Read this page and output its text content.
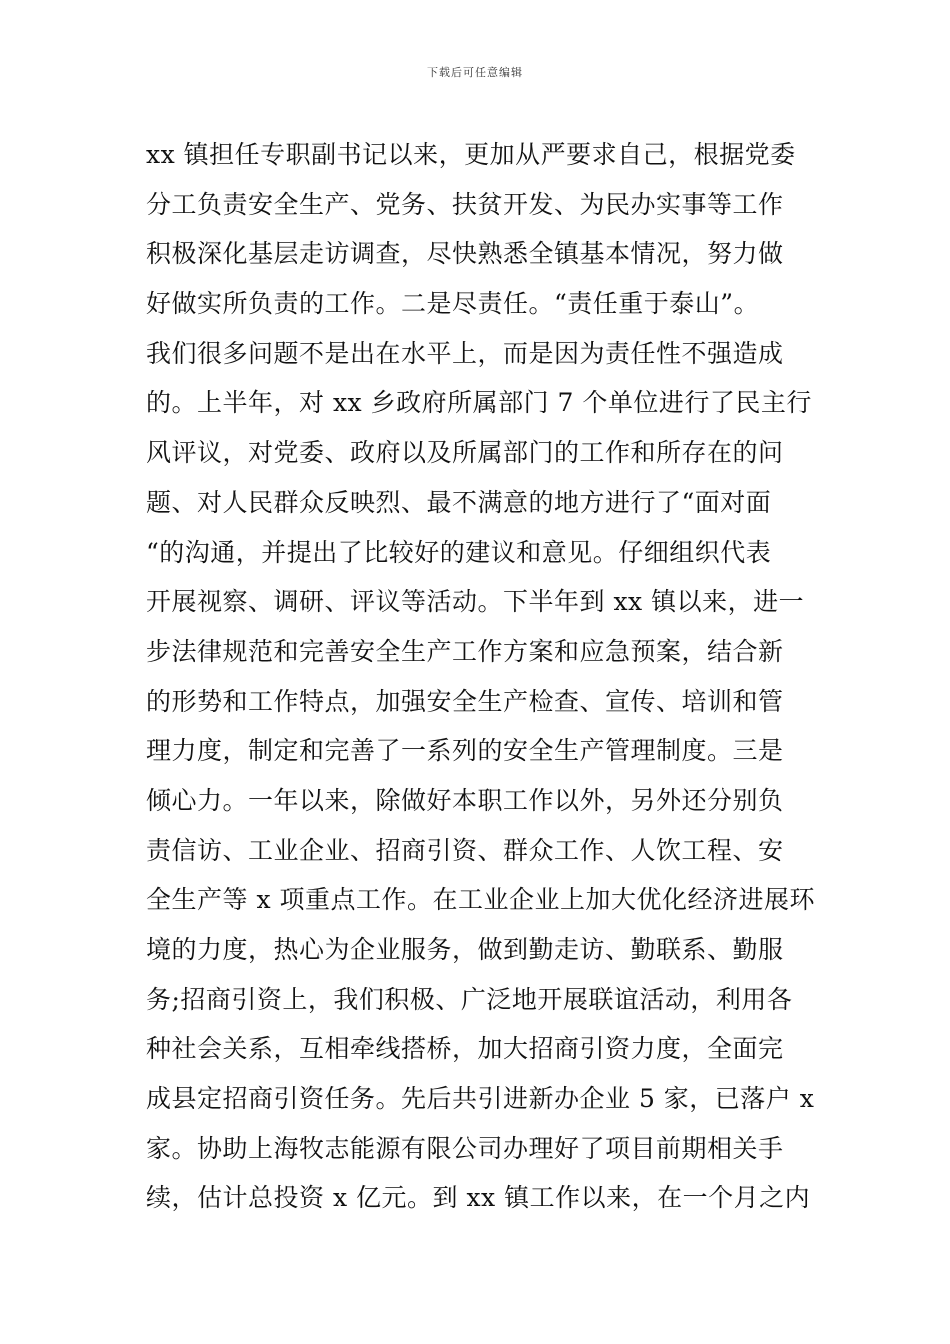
下载后可任意编辑
xx 镇担任专职副书记以来，更加从严要求自己，根据党委
分工负责安全生产、党务、扶贫开发、为民办实事等工作
积极深化基层走访调查，尽快熟悉全镇基本情况，努力做
好做实所负责的工作。二是尽责任。“责任重于泰山”。
我们很多问题不是出在水平上，而是因为责任性不强造成
的。上半年，对 xx 乡政府所属部门 7 个单位进行了民主行
风评议，对党委、政府以及所属部门的工作和所存在的问
题、对人民群众反映烈、最不满意的地方进行了“面对面
“的沟通，并提出了比较好的建议和意见。仔细组织代表
开展视察、调研、评议等活动。下半年到 xx 镇以来，进一
步法律规范和完善安全生产工作方案和应急预案，结合新
的形势和工作特点，加强安全生产检查、宣传、培训和管
理力度，制定和完善了一系列的安全生产管理制度。三是
倾心力。一年以来，除做好本职工作以外，另外还分别负
责信访、工业企业、招商引资、群众工作、人饮工程、安
全生产等 x 项重点工作。在工业企业上加大优化经济进展环
境的力度，热心为企业服务，做到勤走访、勤联系、勤服
务;招商引资上，我们积极、广泛地开展联谊活动，利用各
种社会关系，互相牵线搭桥，加大招商引资力度，全面完
成县定招商引资任务。先后共引进新办企业 5 家，已落户 x
家。协助上海牧志能源有限公司办理好了项目前期相关手
续，估计总投资 x 亿元。到 xx 镇工作以来，在一个月之内
